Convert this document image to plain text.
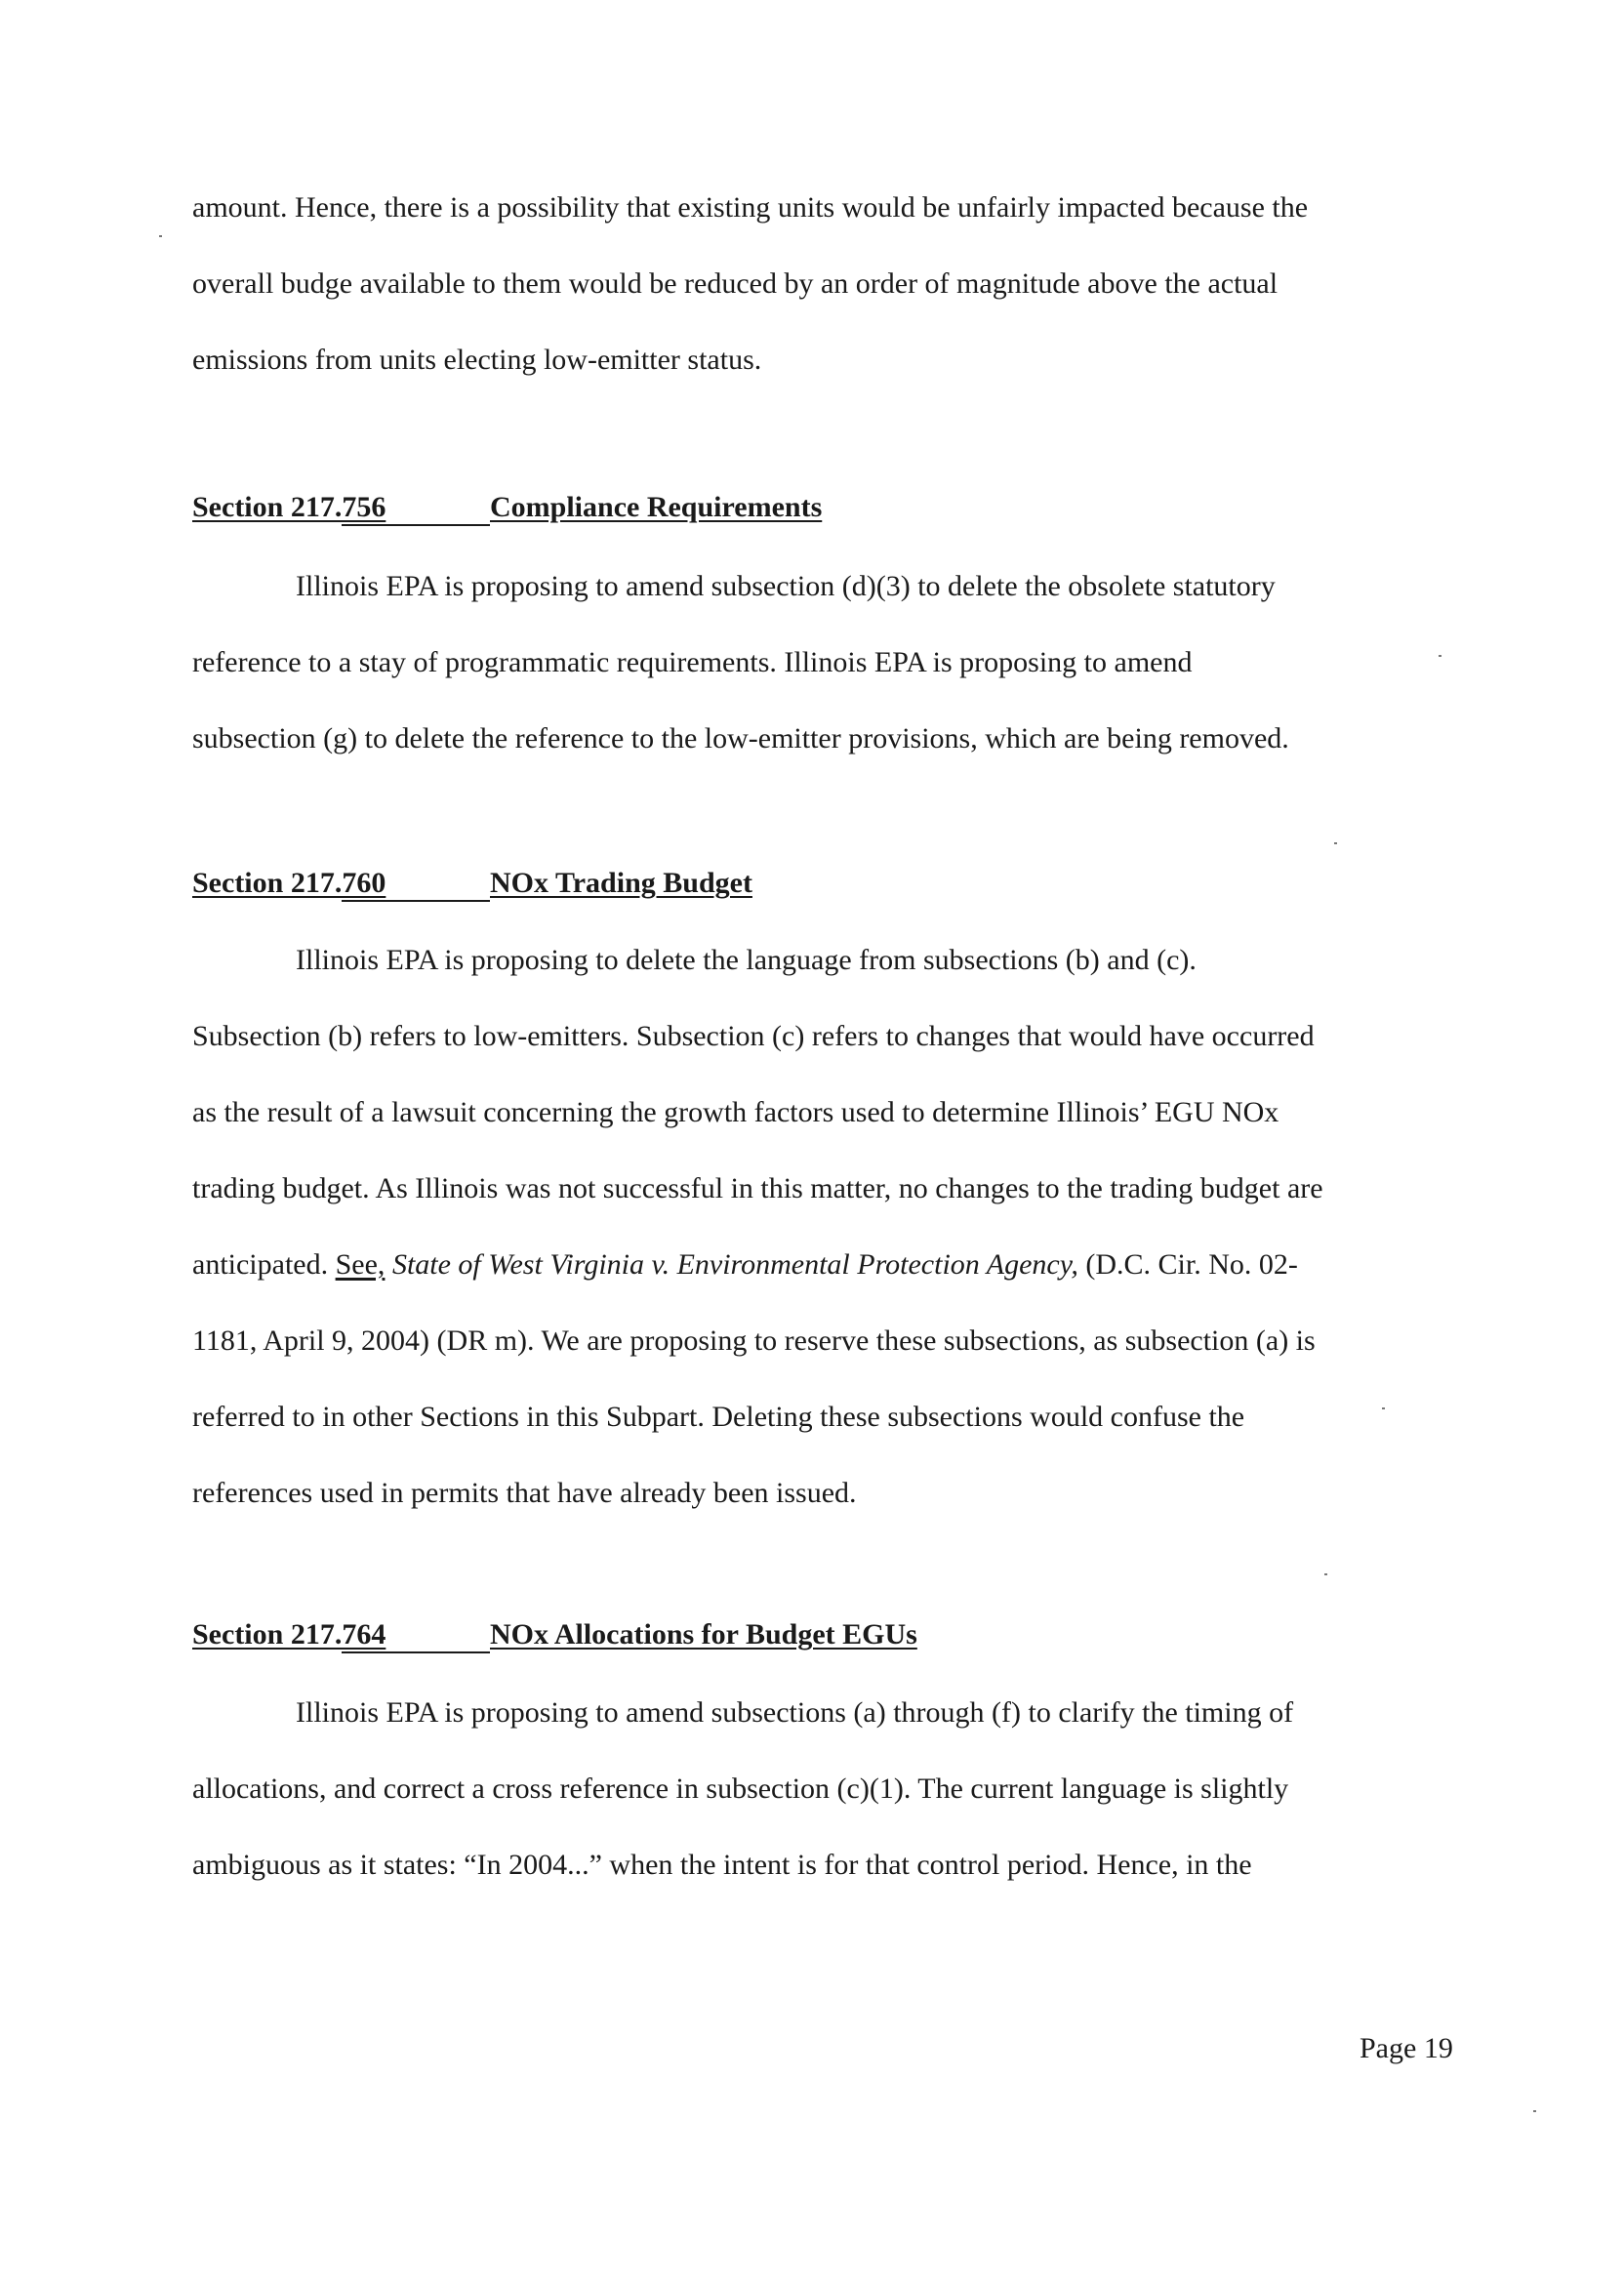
amount. Hence, there is a possibility that existing units would be unfairly impacted because the
overall budge available to them would be reduced by an order of magnitude above the actual
emissions from units electing low-emitter status.
Section 217.756	Compliance Requirements
Illinois EPA is proposing to amend subsection (d)(3) to delete the obsolete statutory
reference to a stay of programmatic requirements. Illinois EPA is proposing to amend
subsection (g) to delete the reference to the low-emitter provisions, which are being removed.
Section 217.760	NOx Trading Budget
Illinois EPA is proposing to delete the language from subsections (b) and (c).
Subsection (b) refers to low-emitters. Subsection (c) refers to changes that would have occurred
as the result of a lawsuit concerning the growth factors used to determine Illinois’ EGU NOx
trading budget. As Illinois was not successful in this matter, no changes to the trading budget are
anticipated. See, State of West Virginia v. Environmental Protection Agency, (D.C. Cir. No. 02-
1181, April 9, 2004) (DR m). We are proposing to reserve these subsections, as subsection (a) is
referred to in other Sections in this Subpart. Deleting these subsections would confuse the
references used in permits that have already been issued.
Section 217.764	NOx Allocations for Budget EGUs
Illinois EPA is proposing to amend subsections (a) through (f) to clarify the timing of
allocations, and correct a cross reference in subsection (c)(1). The current language is slightly
ambiguous as it states: “In 2004...” when the intent is for that control period. Hence, in the
Page 19
